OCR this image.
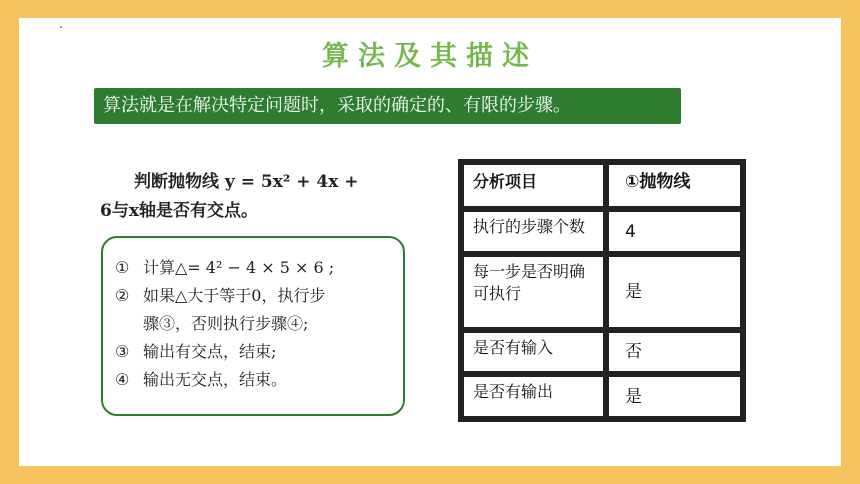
算法及其描述
算法就是在解决特定问题时，采取的确定的、有限的步骤。
判断抛物线 y = 5x² + 4x +
6与x轴是否有交点。
① 计算△= 4² − 4 × 5 × 6 ;
② 如果△大于等于0，执行步
骤③，否则执行步骤④;
③ 输出有交点，结束;
④ 输出无交点，结束。
分析项目	①抛物线
执行的步骤个数	4
每一步是否明确可执行	是
是否有输入	否
是否有输出	是
